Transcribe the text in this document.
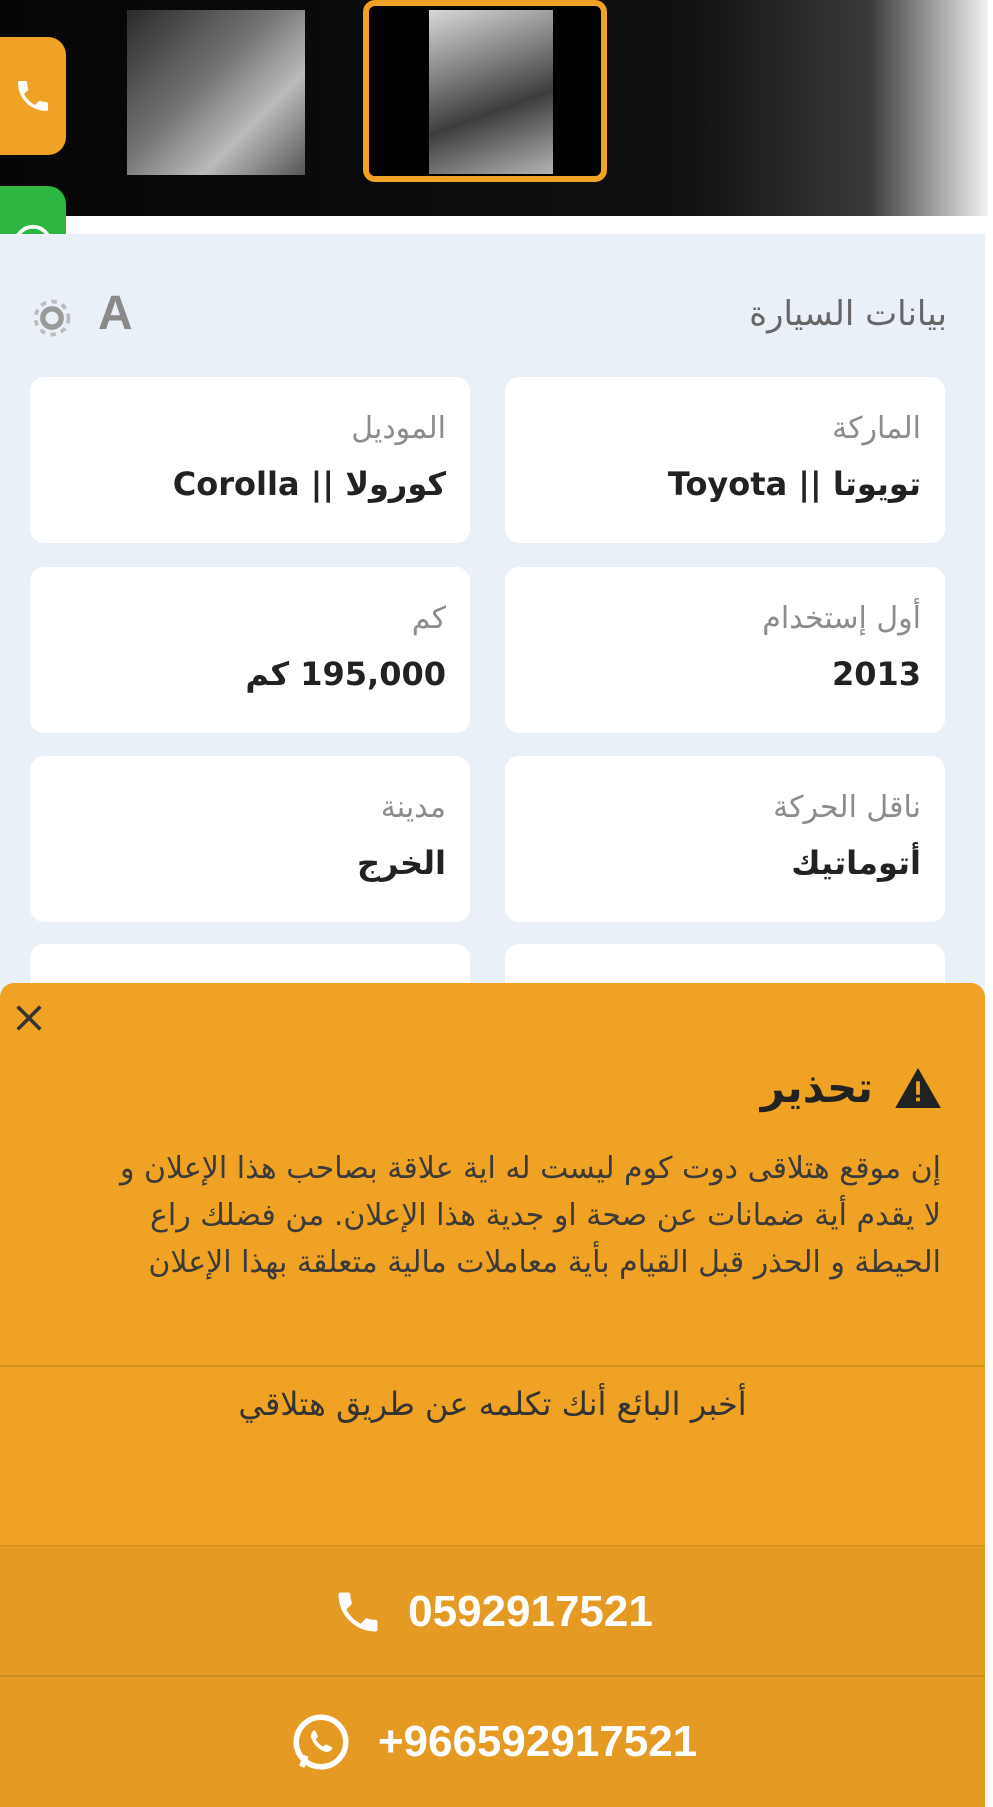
بيانات السيارة
A
الماركة
تويوتا || Toyota
الموديل
كورولا || Corolla
أول إستخدام
2013
كم
195,000 كم
ناقل الحركة
أتوماتيك
مدينة
الخرج
تحذير
إن موقع هتلاقى دوت كوم ليست له اية علاقة بصاحب هذا الإعلان و
لا يقدم أية ضمانات عن صحة او جدية هذا الإعلان. من فضلك راع
الحيطة و الحذر قبل القيام بأية معاملات مالية متعلقة بهذا الإعلان
أخبر البائع أنك تكلمه عن طريق هتلاقي
0592917521
+966592917521
